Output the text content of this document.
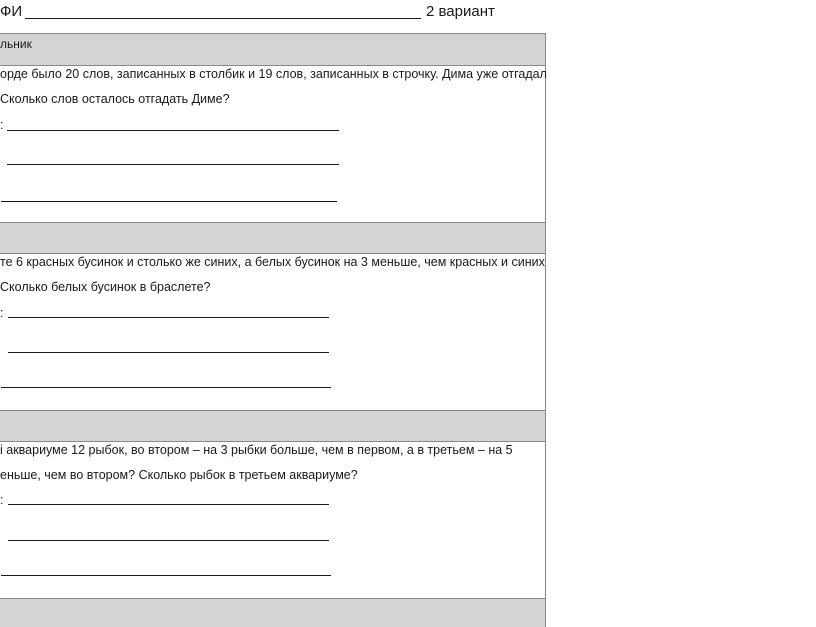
ФИ	2 вариант
льник
орде было 20 слов, записанных в столбик и 19 слов, записанных в строчку. Дима уже отгадал
Сколько слов осталось отгадать Диме?
:
те 6 красных бусинок и столько же синих, а белых бусинок на 3 меньше, чем красных и синих
Сколько белых бусинок в браслете?
:
і аквариуме 12 рыбок, во втором – на 3 рыбки больше, чем в первом, а в третьем – на 5
еньше, чем во втором? Сколько рыбок в третьем аквариуме?
:
